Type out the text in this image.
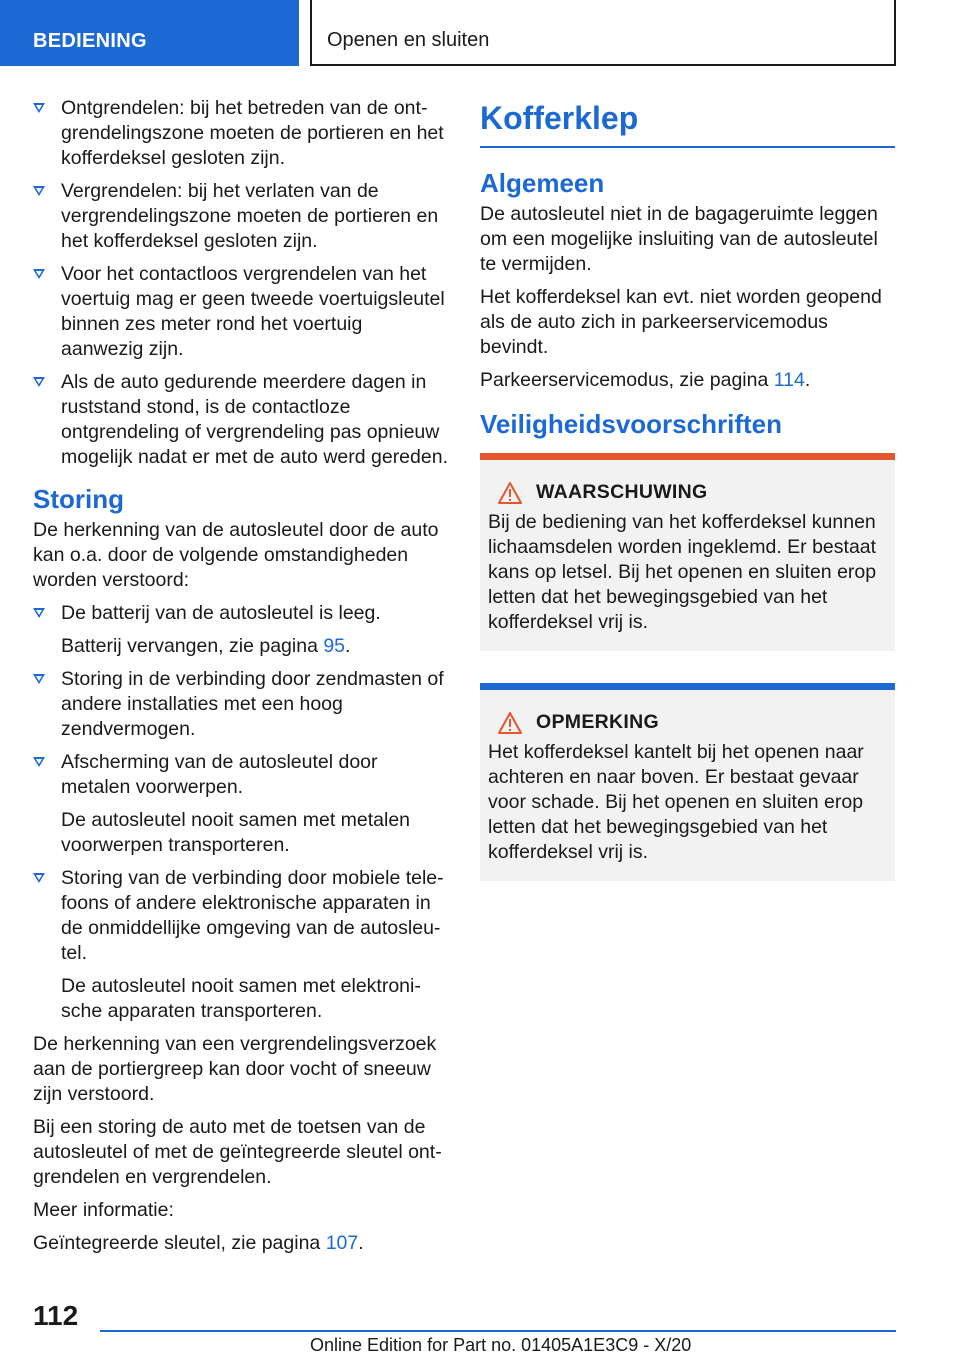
BEDIENING	Openen en sluiten
Ontgrendelen: bij het betreden van de ontgrendelingszone moeten de portieren en het kofferdeksel gesloten zijn.
Vergrendelen: bij het verlaten van de vergrendelingszone moeten de portieren en het kofferdeksel gesloten zijn.
Voor het contactloos vergrendelen van het voertuig mag er geen tweede voertuigsleutel binnen zes meter rond het voertuig aanwezig zijn.
Als de auto gedurende meerdere dagen in ruststand stond, is de contactloze ontgrendeling of vergrendeling pas opnieuw mogelijk nadat er met de auto werd gereden.
Storing

De herkenning van de autosleutel door de auto kan o.a. door de volgende omstandigheden worden verstoord:

De batterij van de autosleutel is leeg.

Batterij vervangen, zie pagina 95.

Storing in de verbinding door zendmasten of andere installaties met een hoog zendvermogen.
Afscherming van de autosleutel door metalen voorwerpen.

De autosleutel nooit samen met metalen voorwerpen transporteren.

Storing van de verbinding door mobiele telefoons of andere elektronische apparaten in de onmiddellijke omgeving van de autosleutel.

De autosleutel nooit samen met elektronische apparaten transporteren.

De herkenning van een vergrendelingsverzoek aan de portiergreep kan door vocht of sneeuw zijn verstoord.

Bij een storing de auto met de toetsen van de autosleutel of met de geïntegreerde sleutel ontgrendelen en vergrendelen.

Meer informatie:

Geïntegreerde sleutel, zie pagina 107.

Kofferklep
Algemeen

De autosleutel niet in de bagageruimte leggen om een mogelijke insluiting van de autosleutel te vermijden.

Het kofferdeksel kan evt. niet worden geopend als de auto zich in parkeerservicemodus bevindt.

Parkeerservicemodus, zie pagina 114.

Veiligheidsvoorschriften
WAARSCHUWING

Bij de bediening van het kofferdeksel kunnen lichaamsdelen worden ingeklemd. Er bestaat kans op letsel. Bij het openen en sluiten erop letten dat het bewegingsgebied van het kofferdeksel vrij is.

OPMERKING

Het kofferdeksel kantelt bij het openen naar achteren en naar boven. Er bestaat gevaar voor schade. Bij het openen en sluiten erop letten dat het bewegingsgebied van het kofferdeksel vrij is.

112
Online Edition for Part no. 01405A1E3C9 - X/20
